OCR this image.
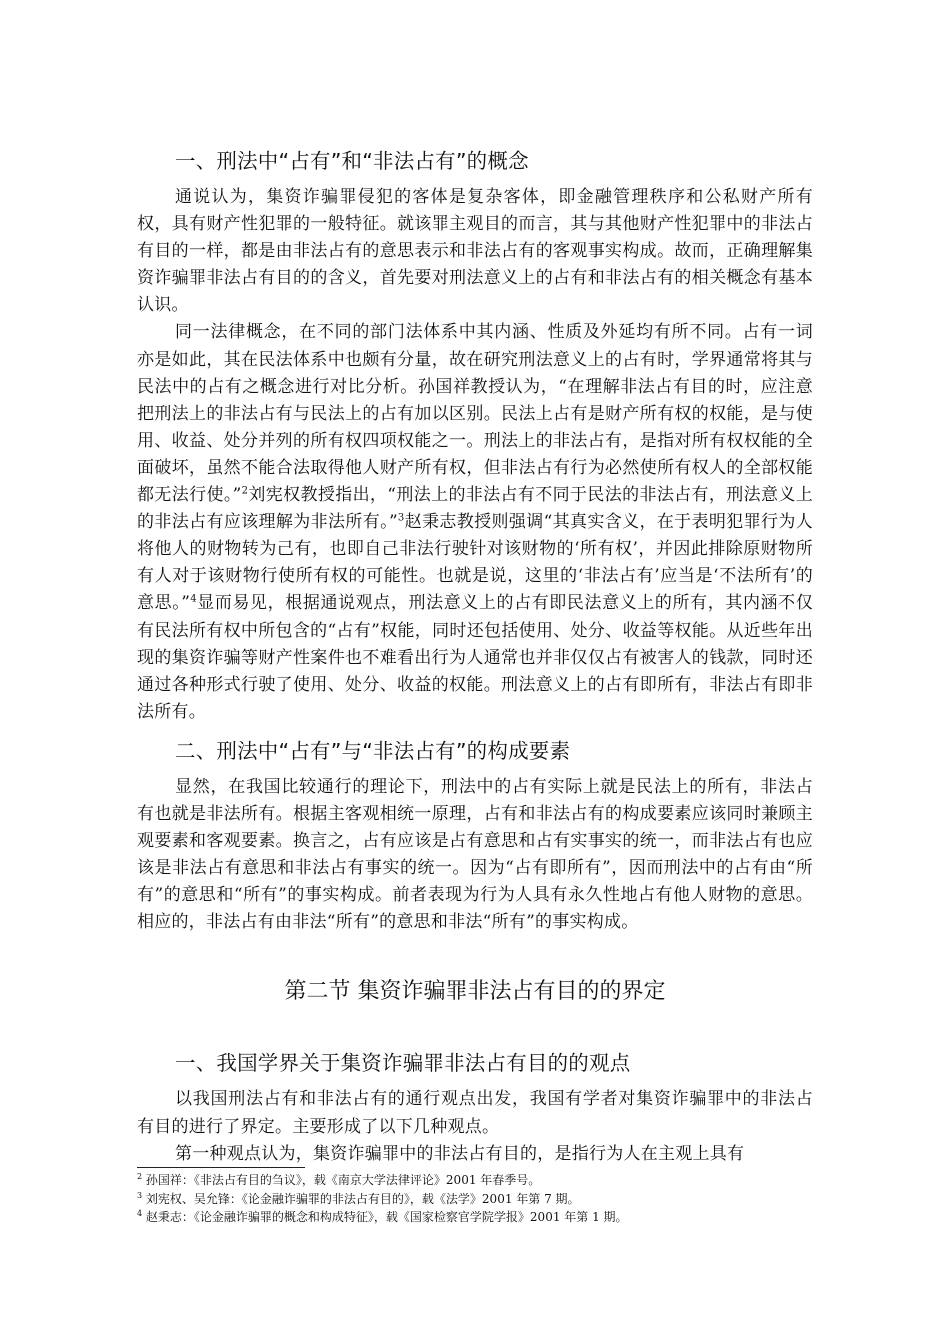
一、刑法中“占有”和“非法占有”的概念

通说认为，集资诈骗罪侵犯的客体是复杂客体，即金融管理秩序和公私财产所有权，具有财产性犯罪的一般特征。就该罪主观目的而言，其与其他财产性犯罪中的非法占有目的一样，都是由非法占有的意思表示和非法占有的客观事实构成。故而，正确理解集资诈骗罪非法占有目的的含义，首先要对刑法意义上的占有和非法占有的相关概念有基本认识。

同一法律概念，在不同的部门法体系中其内涵、性质及外延均有所不同。占有一词亦是如此，其在民法体系中也颇有分量，故在研究刑法意义上的占有时，学界通常将其与民法中的占有之概念进行对比分析。孙国祥教授认为，“在理解非法占有目的时，应注意把刑法上的非法占有与民法上的占有加以区别。民法上占有是财产所有权的权能，是与使用、收益、处分并列的所有权四项权能之一。刑法上的非法占有，是指对所有权权能的全面破坏，虽然不能合法取得他人财产所有权，但非法占有行为必然使所有权人的全部权能都无法行使。”$^2$刘宪权教授指出，“刑法上的非法占有不同于民法的非法占有，刑法意义上的非法占有应该理解为非法所有。”$^3$赵秉志教授则强调“其真实含义，在于表明犯罪行为人将他人的财物转为己有，也即自己非法行驶针对该财物的‘所有权’，并因此排除原财物所有人对于该财物行使所有权的可能性。也就是说，这里的‘非法占有’应当是‘不法所有’的意思。”$^4$显而易见，根据通说观点，刑法意义上的占有即民法意义上的所有，其内涵不仅有民法所有权中所包含的“占有”权能，同时还包括使用、处分、收益等权能。从近些年出现的集资诈骗等财产性案件也不难看出行为人通常也并非仅仅占有被害人的钱款，同时还通过各种形式行驶了使用、处分、收益的权能。刑法意义上的占有即所有，非法占有即非法所有。

二、刑法中“占有”与“非法占有”的构成要素

显然，在我国比较通行的理论下，刑法中的占有实际上就是民法上的所有，非法占有也就是非法所有。根据主客观相统一原理，占有和非法占有的构成要素应该同时兼顾主观要素和客观要素。换言之，占有应该是占有意思和占有实事实的统一，而非法占有也应该是非法占有意思和非法占有事实的统一。因为“占有即所有”，因而刑法中的占有由“所有”的意思和“所有”的事实构成。前者表现为行为人具有永久性地占有他人财物的意思。相应的，非法占有由非法“所有”的意思和非法“所有”的事实构成。

第二节 集资诈骗罪非法占有目的的界定
一、我国学界关于集资诈骗罪非法占有目的的观点

以我国刑法占有和非法占有的通行观点出发，我国有学者对集资诈骗罪中的非法占有目的进行了界定。主要形成了以下几种观点。

第一种观点认为，集资诈骗罪中的非法占有目的，是指行为人在主观上具有

$^2$ 孙国祥：《非法占有目的刍议》，载《南京大学法律评论》2001 年春季号。

$^3$ 刘宪权、吴允锋：《论金融诈骗罪的非法占有目的》，载《法学》2001 年第 7 期。

$^4$ 赵秉志：《论金融诈骗罪的概念和构成特征》，载《国家检察官学院学报》2001 年第 1 期。
